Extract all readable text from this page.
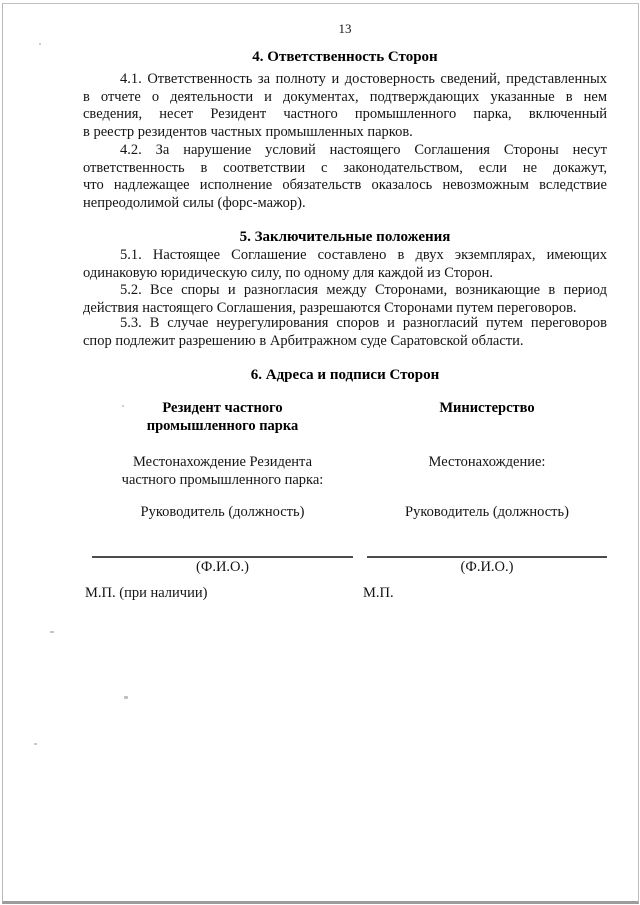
13
4. Ответственность Сторон
4.1. Ответственность за полноту и достоверность сведений, представленных
в отчете о деятельности и документах, подтверждающих указанные в нем
сведения, несет Резидент частного промышленного парка, включенный
в реестр резидентов частных промышленных парков.
4.2. За нарушение условий настоящего Соглашения Стороны несут
ответственность в соответствии с законодательством, если не докажут,
что надлежащее исполнение обязательств оказалось невозможным вследствие
непреодолимой силы (форс-мажор).
5. Заключительные положения
5.1. Настоящее Соглашение составлено в двух экземплярах, имеющих
одинаковую юридическую силу, по одному для каждой из Сторон.
5.2. Все споры и разногласия между Сторонами, возникающие в период
действия настоящего Соглашения, разрешаются Сторонами путем переговоров.
5.3. В случае неурегулирования споров и разногласий путем переговоров
спор подлежит разрешению в Арбитражном суде Саратовской области.
6. Адреса и подписи Сторон
Резидент частного
промышленного парка
Местонахождение Резидента
частного промышленного парка:
Руководитель (должность)
(Ф.И.О.)
М.П. (при наличии)
Министерство
Местонахождение:
Руководитель (должность)
(Ф.И.О.)
М.П.
